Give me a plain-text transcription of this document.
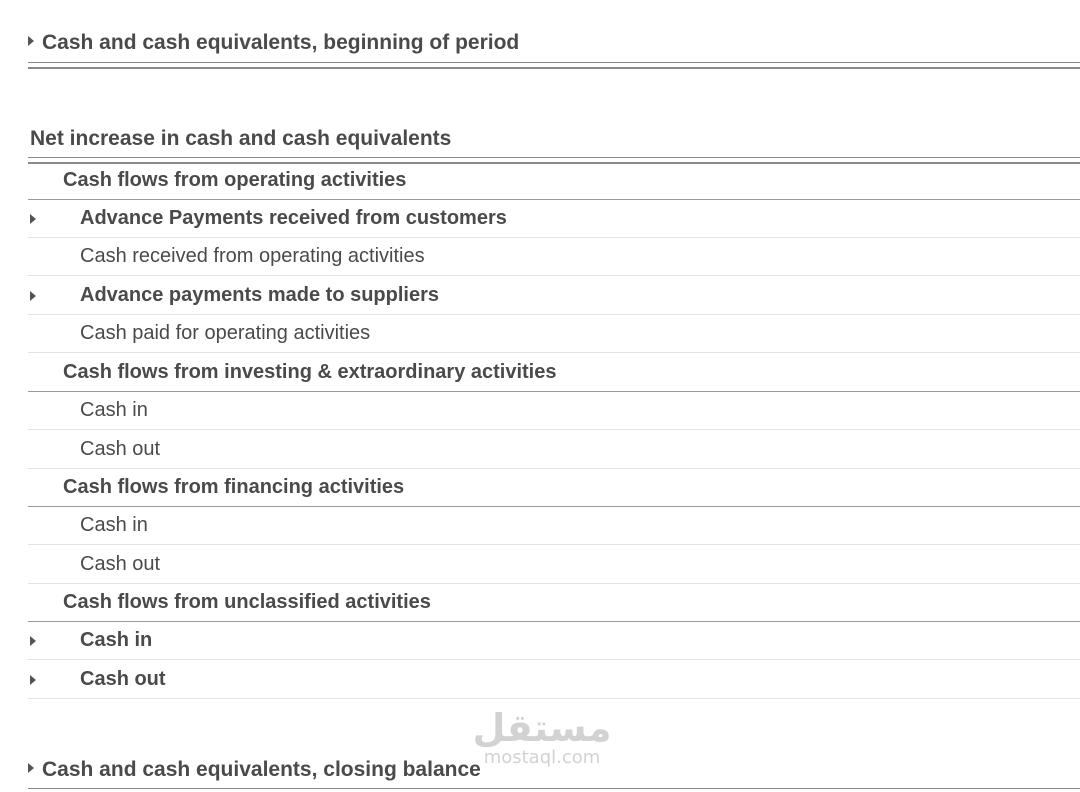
Cash and cash equivalents, beginning of period
Net increase in cash and cash equivalents
Cash flows from operating activities
Advance Payments received from customers
Cash received from operating activities
Advance payments made to suppliers
Cash paid for operating activities
Cash flows from investing & extraordinary activities
Cash in
Cash out
Cash flows from financing activities
Cash in
Cash out
Cash flows from unclassified activities
Cash in
Cash out
مستقل
mostaql.com
Cash and cash equivalents, closing balance
